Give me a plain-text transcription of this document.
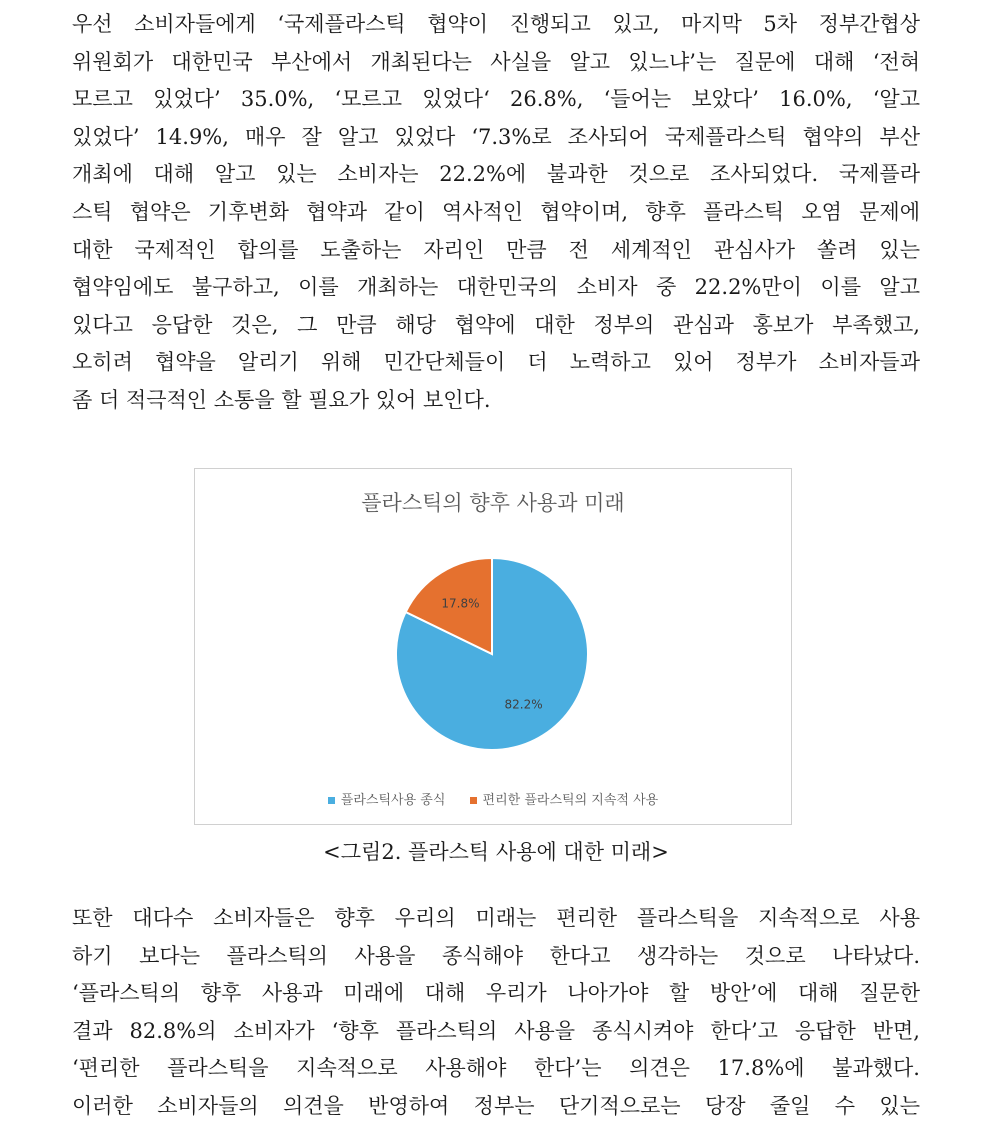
우선 소비자들에게 ‘국제플라스틱 협약이 진행되고 있고, 마지막 5차 정부간협상
위원회가 대한민국 부산에서 개최된다는 사실을 알고 있느냐’는 질문에 대해 ‘전혀
모르고 있었다’ 35.0%, ‘모르고 있었다‘ 26.8%, ‘들어는 보았다’ 16.0%, ‘알고
있었다’ 14.9%, 매우 잘 알고 있었다 ‘7.3%로 조사되어 국제플라스틱 협약의 부산
개최에 대해 알고 있는 소비자는 22.2%에 불과한 것으로 조사되었다. 국제플라
스틱 협약은 기후변화 협약과 같이 역사적인 협약이며, 향후 플라스틱 오염 문제에
대한 국제적인 합의를 도출하는 자리인 만큼 전 세계적인 관심사가 쏠려 있는
협약임에도 불구하고, 이를 개최하는 대한민국의 소비자 중 22.2%만이 이를 알고
있다고 응답한 것은, 그 만큼 해당 협약에 대한 정부의 관심과 홍보가 부족했고,
오히려 협약을 알리기 위해 민간단체들이 더 노력하고 있어 정부가 소비자들과
좀 더 적극적인 소통을 할 필요가 있어 보인다.
플라스틱의 향후 사용과 미래
82.2%
17.8%
플라스틱사용 종식	편리한 플라스틱의 지속적 사용
<그림2. 플라스틱 사용에 대한 미래>
또한 대다수 소비자들은 향후 우리의 미래는 편리한 플라스틱을 지속적으로 사용
하기 보다는 플라스틱의 사용을 종식해야 한다고 생각하는 것으로 나타났다.
‘플라스틱의 향후 사용과 미래에 대해 우리가 나아가야 할 방안’에 대해 질문한
결과 82.8%의 소비자가 ‘향후 플라스틱의 사용을 종식시켜야 한다’고 응답한 반면,
‘편리한 플라스틱을 지속적으로 사용해야 한다’는 의견은 17.8%에 불과했다.
이러한 소비자들의 의견을 반영하여 정부는 단기적으로는 당장 줄일 수 있는
